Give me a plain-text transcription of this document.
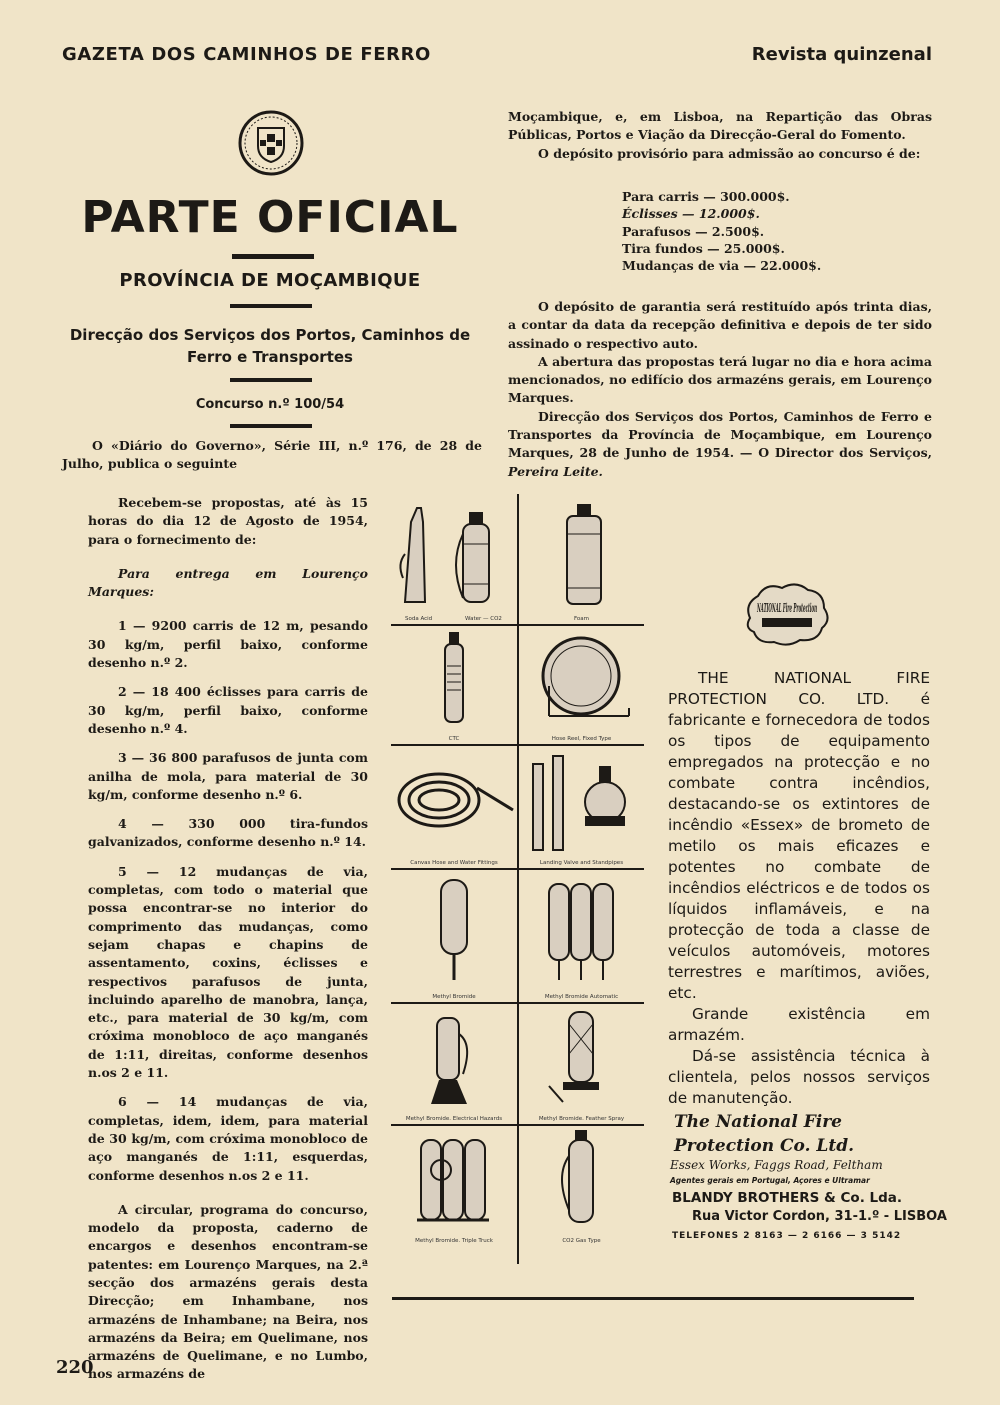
GAZETA DOS CAMINHOS DE FERRO	Revista quinzenal
PARTE OFICIAL
PROVÍNCIA DE MOÇAMBIQUE
Direcção dos Serviços dos Portos, Caminhos de Ferro e Transportes
Concurso n.º 100/54

O «Diário do Governo», Série III, n.º 176, de 28 de Julho, publica o seguinte

Recebem-se propostas, até às 15 horas do dia 12 de Agosto de 1954, para o fornecimento de:

Para entrega em Lourenço Marques:

1 — 9200 carris de 12 m, pesando 30 kg/m, perfil baixo, conforme desenho n.º 2.

2 — 18 400 éclisses para carris de 30 kg/m, perfil baixo, conforme desenho n.º 4.

3 — 36 800 parafusos de junta com anilha de mola, para material de 30 kg/m, conforme desenho n.º 6.

4 — 330 000 tira-fundos galvanizados, conforme desenho n.º 14.

5 — 12 mudanças de via, completas, com todo o material que possa encontrar-se no interior do comprimento das mudanças, como sejam chapas e chapins de assentamento, coxins, éclisses e respectivos parafusos de junta, incluindo aparelho de manobra, lança, etc., para material de 30 kg/m, com cróxima monobloco de aço manganés de 1:11, direitas, conforme desenhos n.os 2 e 11.

6 — 14 mudanças de via, completas, idem, idem, para material de 30 kg/m, com cróxima monobloco de aço manganés de 1:11, esquerdas, conforme desenhos n.os 2 e 11.

A circular, programa do concurso, modelo da proposta, caderno de encargos e desenhos encontram-se patentes: em Lourenço Marques, na 2.ª secção dos armazéns gerais desta Direcção; em Inhambane, nos armazéns de Inhambane; na Beira, nos armazéns da Beira; em Quelimane, nos armazéns de Quelimane, e no Lumbo, nos armazéns de

Moçambique, e, em Lisboa, na Repartição das Obras Públicas, Portos e Viação da Direcção-Geral do Fomento.

O depósito provisório para admissão ao concurso é de:

Para carris — 300.000$.
Éclisses — 12.000$.
Parafusos — 2.500$.
Tira fundos — 25.000$.
Mudanças de via — 22.000$.

O depósito de garantia será restituído após trinta dias, a contar da data da recepção definitiva e depois de ter sido assinado o respectivo auto.

A abertura das propostas terá lugar no dia e hora acima mencionados, no edifício dos armazéns gerais, em Lourenço Marques.

Direcção dos Serviços dos Portos, Caminhos de Ferro e Transportes da Província de Moçambique, em Lourenço Marques, 28 de Junho de 1954. — O Director dos Serviços, Pereira Leite.

Soda Acid	Water — CO2	Foam
CTC	Hose Reel, Fixed Type
Canvas Hose and Water Fittings	Landing Valve and Standpipes
Methyl Bromide	Methyl Bromide Automatic
Methyl Bromide. Electrical Hazards	Methyl Bromide. Feather Spray
Methyl Bromide. Triple Truck	CO2 Gas Type
NATIONAL Fire Protection

THE NATIONAL FIRE PROTECTION CO. LTD. é fabricante e fornecedora de todos os tipos de equipamento empregados na protecção e no combate contra incêndios, destacando-se os extintores de incêndio «Essex» de brometo de metilo os mais eficazes e potentes no combate de incêndios eléctricos e de todos os líquidos inflamáveis, e na protecção de toda a classe de veículos automóveis, motores terrestres e marítimos, aviões, etc.

Grande existência em armazém.

Dá-se assistência técnica à clientela, pelos nossos serviços de manutenção.

The National Fire Protection Co. Ltd.
Essex Works, Faggs Road, Feltham
Agentes gerais em Portugal, Açores e Ultramar
BLANDY BROTHERS & Co. Lda.
Rua Victor Cordon, 31-1.º - LISBOA
TELEFONES 2 8163 — 2 6166 — 3 5142
220
